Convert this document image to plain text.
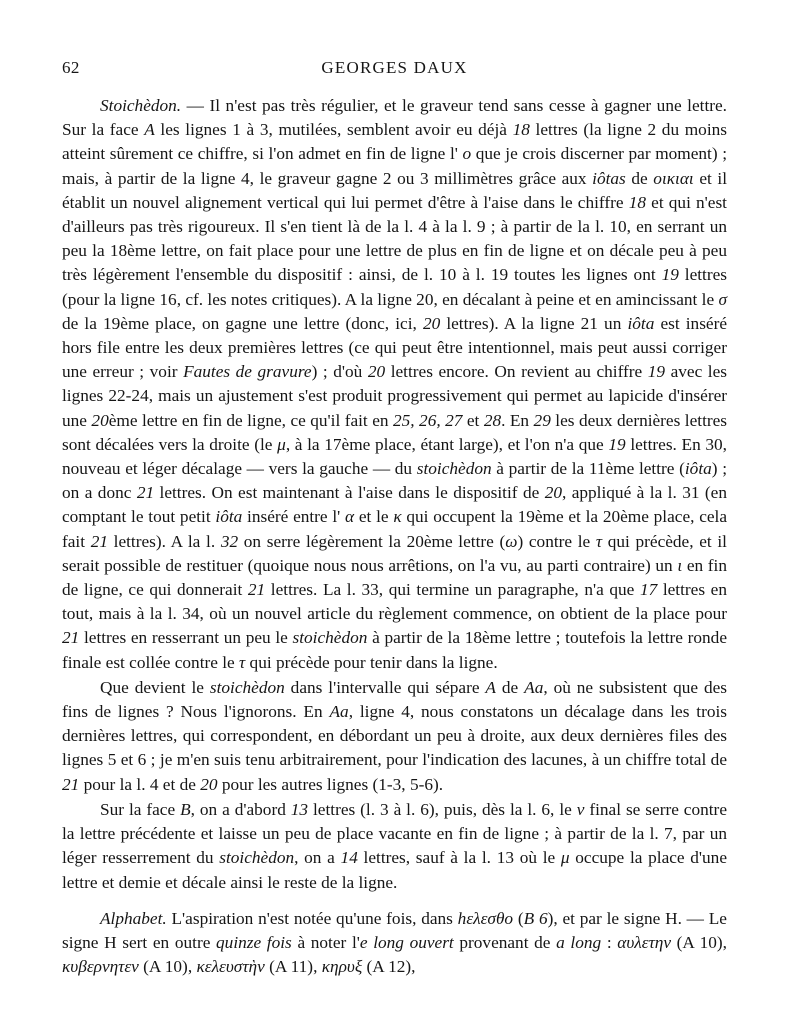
62	GEORGES DAUX

Stoichèdon. — Il n'est pas très régulier, et le graveur tend sans cesse à gagner une lettre. Sur la face A les lignes 1 à 3, mutilées, semblent avoir eu déjà 18 lettres (la ligne 2 du moins atteint sûrement ce chiffre, si l'on admet en fin de ligne l' ο que je crois discerner par moment) ; mais, à partir de la ligne 4, le graveur gagne 2 ou 3 millimètres grâce aux iôtas de οικιαι et il établit un nouvel alignement vertical qui lui permet d'être à l'aise dans le chiffre 18 et qui n'est d'ailleurs pas très rigoureux. Il s'en tient là de la l. 4 à la l. 9 ; à partir de la l. 10, en serrant un peu la 18ème lettre, on fait place pour une lettre de plus en fin de ligne et on décale peu à peu très légèrement l'ensemble du dispositif : ainsi, de l. 10 à l. 19 toutes les lignes ont 19 lettres (pour la ligne 16, cf. les notes critiques). A la ligne 20, en décalant à peine et en amincissant le σ de la 19ème place, on gagne une lettre (donc, ici, 20 lettres). A la ligne 21 un iôta est inséré hors file entre les deux premières lettres (ce qui peut être intentionnel, mais peut aussi corriger une erreur ; voir Fautes de gravure) ; d'où 20 lettres encore. On revient au chiffre 19 avec les lignes 22-24, mais un ajustement s'est produit progressivement qui permet au lapicide d'insérer une 20ème lettre en fin de ligne, ce qu'il fait en 25, 26, 27 et 28. En 29 les deux dernières lettres sont décalées vers la droite (le μ, à la 17ème place, étant large), et l'on n'a que 19 lettres. En 30, nouveau et léger décalage — vers la gauche — du stoichèdon à partir de la 11ème lettre (iôta) ; on a donc 21 lettres. On est maintenant à l'aise dans le dispositif de 20, appliqué à la l. 31 (en comptant le tout petit iôta inséré entre l' α et le κ qui occupent la 19ème et la 20ème place, cela fait 21 lettres). A la l. 32 on serre légèrement la 20ème lettre (ω) contre le τ qui précède, et il serait possible de restituer (quoique nous nous arrêtions, on l'a vu, au parti contraire) un ι en fin de ligne, ce qui donnerait 21 lettres. La l. 33, qui termine un paragraphe, n'a que 17 lettres en tout, mais à la l. 34, où un nouvel article du règlement commence, on obtient de la place pour 21 lettres en resserrant un peu le stoichèdon à partir de la 18ème lettre ; toutefois la lettre ronde finale est collée contre le τ qui précède pour tenir dans la ligne.

Que devient le stoichèdon dans l'intervalle qui sépare A de Aa, où ne subsistent que des fins de lignes ? Nous l'ignorons. En Aa, ligne 4, nous constatons un décalage dans les trois dernières lettres, qui correspondent, en débordant un peu à droite, aux deux dernières files des lignes 5 et 6 ; je m'en suis tenu arbitrairement, pour l'indication des lacunes, à un chiffre total de 21 pour la l. 4 et de 20 pour les autres lignes (1-3, 5-6).

Sur la face B, on a d'abord 13 lettres (l. 3 à l. 6), puis, dès la l. 6, le ν final se serre contre la lettre précédente et laisse un peu de place vacante en fin de ligne ; à partir de la l. 7, par un léger resserrement du stoichèdon, on a 14 lettres, sauf à la l. 13 où le μ occupe la place d'une lettre et demie et décale ainsi le reste de la ligne.

Alphabet. L'aspiration n'est notée qu'une fois, dans hελεσθο (B 6), et par le signe H. — Le signe H sert en outre quinze fois à noter l'e long ouvert provenant de a long : αυλετην (A 10), κυβερνητεν (A 10), κελευστὴν (A 11), κηρυξ (A 12),
